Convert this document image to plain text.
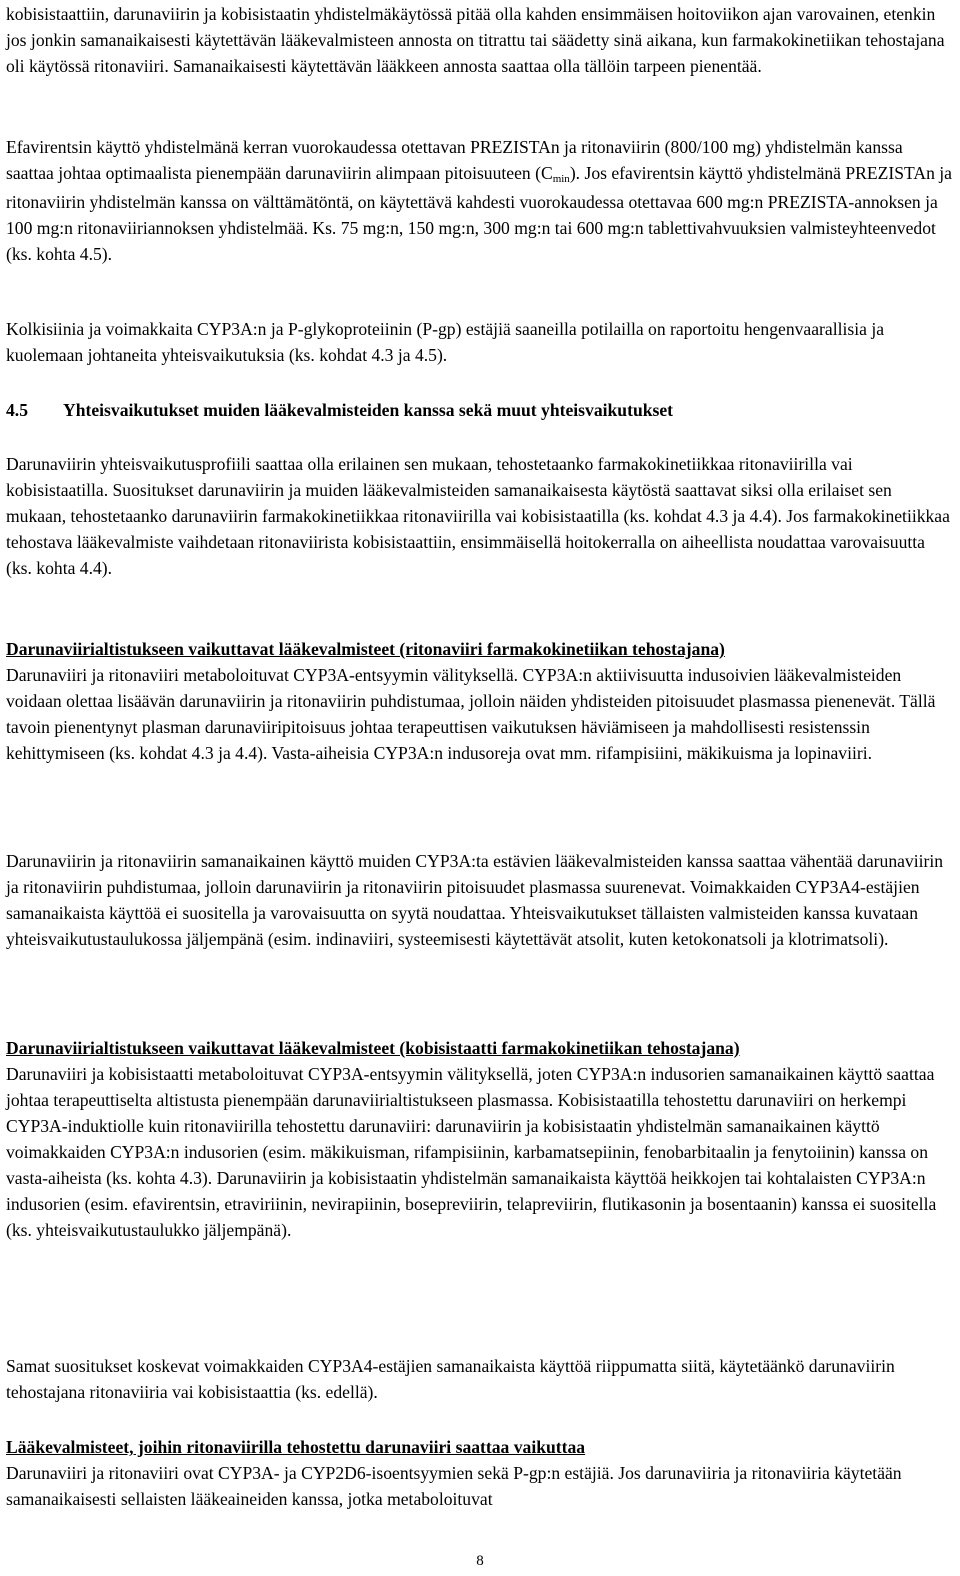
kobisistaattiin, darunaviirin ja kobisistaatin yhdistelmäkäytössä pitää olla kahden ensimmäisen hoitoviikon ajan varovainen, etenkin jos jonkin samanaikaisesti käytettävän lääkevalmisteen annosta on titrattu tai säädetty sinä aikana, kun farmakokinetiikan tehostajana oli käytössä ritonaviiri. Samanaikaisesti käytettävän lääkkeen annosta saattaa olla tällöin tarpeen pienentää.

Efavirentsin käyttö yhdistelmänä kerran vuorokaudessa otettavan PREZISTAn ja ritonaviirin (800/100 mg) yhdistelmän kanssa saattaa johtaa optimaalista pienempään darunaviirin alimpaan pitoisuuteen (Cmin). Jos efavirentsin käyttö yhdistelmänä PREZISTAn ja ritonaviirin yhdistelmän kanssa on välttämätöntä, on käytettävä kahdesti vuorokaudessa otettavaa 600 mg:n PREZISTA-annoksen ja 100 mg:n ritonaviiriannoksen yhdistelmää. Ks. 75 mg:n, 150 mg:n, 300 mg:n tai 600 mg:n tablettivahvuuksien valmisteyhteenvedot (ks. kohta 4.5).

Kolkisiinia ja voimakkaita CYP3A:n ja P-glykoproteiinin (P-gp) estäjiä saaneilla potilailla on raportoitu hengenvaarallisia ja kuolemaan johtaneita yhteisvaikutuksia (ks. kohdat 4.3 ja 4.5).

4.5 Yhteisvaikutukset muiden lääkevalmisteiden kanssa sekä muut yhteisvaikutukset

Darunaviirin yhteisvaikutusprofiili saattaa olla erilainen sen mukaan, tehostetaanko farmakokinetiikkaa ritonaviirilla vai kobisistaatilla. Suositukset darunaviirin ja muiden lääkevalmisteiden samanaikaisesta käytöstä saattavat siksi olla erilaiset sen mukaan, tehostetaanko darunaviirin farmakokinetiikkaa ritonaviirilla vai kobisistaatilla (ks. kohdat 4.3 ja 4.4). Jos farmakokinetiikkaa tehostava lääkevalmiste vaihdetaan ritonaviirista kobisistaattiin, ensimmäisellä hoitokerralla on aiheellista noudattaa varovaisuutta (ks. kohta 4.4).

Darunaviirialtistukseen vaikuttavat lääkevalmisteet (ritonaviiri farmakokinetiikan tehostajana)
Darunaviiri ja ritonaviiri metaboloituvat CYP3A-entsyymin välityksellä. CYP3A:n aktiivisuutta indusoivien lääkevalmisteiden voidaan olettaa lisäävän darunaviirin ja ritonaviirin puhdistumaa, jolloin näiden yhdisteiden pitoisuudet plasmassa pienenevät. Tällä tavoin pienentynyt plasman darunaviiripitoisuus johtaa terapeuttisen vaikutuksen häviämiseen ja mahdollisesti resistenssin kehittymiseen (ks. kohdat 4.3 ja 4.4). Vasta-aiheisia CYP3A:n indusoreja ovat mm. rifampisiini, mäkikuisma ja lopinaviiri.

Darunaviirin ja ritonaviirin samanaikainen käyttö muiden CYP3A:ta estävien lääkevalmisteiden kanssa saattaa vähentää darunaviirin ja ritonaviirin puhdistumaa, jolloin darunaviirin ja ritonaviirin pitoisuudet plasmassa suurenevat. Voimakkaiden CYP3A4-estäjien samanaikaista käyttöä ei suositella ja varovaisuutta on syytä noudattaa. Yhteisvaikutukset tällaisten valmisteiden kanssa kuvataan yhteisvaikutustaulukossa jäljempänä (esim. indinaviiri, systeemisesti käytettävät atsolit, kuten ketokonatsoli ja klotrimatsoli).

Darunaviirialtistukseen vaikuttavat lääkevalmisteet (kobisistaatti farmakokinetiikan tehostajana)
Darunaviiri ja kobisistaatti metaboloituvat CYP3A-entsyymin välityksellä, joten CYP3A:n indusorien samanaikainen käyttö saattaa johtaa terapeuttiselta altistusta pienempään darunaviirialtistukseen plasmassa. Kobisistaatilla tehostettu darunaviiri on herkempi CYP3A-induktiolle kuin ritonaviirilla tehostettu darunaviiri: darunaviirin ja kobisistaatin yhdistelmän samanaikainen käyttö voimakkaiden CYP3A:n indusorien (esim. mäkikuisman, rifampisiinin, karbamatsepiinin, fenobarbitaalin ja fenytoiinin) kanssa on vasta-aiheista (ks. kohta 4.3). Darunaviirin ja kobisistaatin yhdistelmän samanaikaista käyttöä heikkojen tai kohtalaisten CYP3A:n indusorien (esim. efavirentsin, etraviriinin, nevirapiinin, bosepreviirin, telapreviirin, flutikasonin ja bosentaanin) kanssa ei suositella (ks. yhteisvaikutustaulukko jäljempänä).

Samat suositukset koskevat voimakkaiden CYP3A4-estäjien samanaikaista käyttöä riippumatta siitä, käytetäänkö darunaviirin tehostajana ritonaviiria vai kobisistaattia (ks. edellä).

Lääkevalmisteet, joihin ritonaviirilla tehostettu darunaviiri saattaa vaikuttaa
Darunaviiri ja ritonaviiri ovat CYP3A- ja CYP2D6-isoentsyymien sekä P-gp:n estäjiä. Jos darunaviiria ja ritonaviiria käytetään samanaikaisesti sellaisten lääkeaineiden kanssa, jotka metaboloituvat

8
